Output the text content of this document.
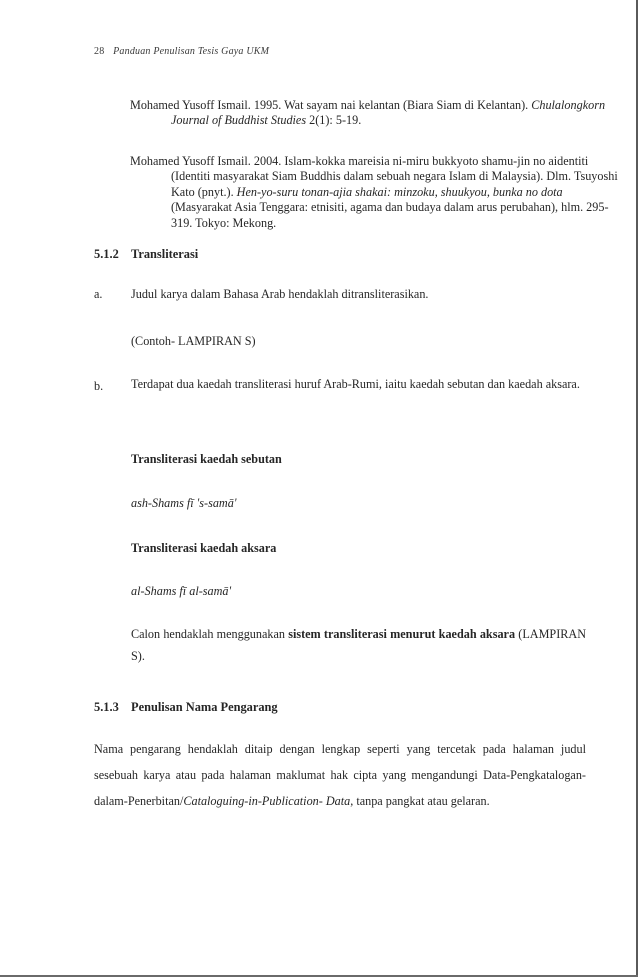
28 Panduan Penulisan Tesis Gaya UKM
Mohamed Yusoff Ismail. 1995. Wat sayam nai kelantan (Biara Siam di Kelantan). Chulalongkorn Journal of Buddhist Studies 2(1): 5-19.
Mohamed Yusoff Ismail. 2004. Islam-kokka mareisia ni-miru bukkyoto shamu-jin no aidentiti (Identiti masyarakat Siam Buddhis dalam sebuah negara Islam di Malaysia). Dlm. Tsuyoshi Kato (pnyt.). Hen-yo-suru tonan-ajia shakai: minzoku, shuukyou, bunka no dota (Masyarakat Asia Tenggara: etnisiti, agama dan budaya dalam arus perubahan), hlm. 295-319. Tokyo: Mekong.
5.1.2 Transliterasi
a. Judul karya dalam Bahasa Arab hendaklah ditransliterasikan.
(Contoh- LAMPIRAN S)
b. Terdapat dua kaedah transliterasi huruf Arab-Rumi, iaitu kaedah sebutan dan kaedah aksara.
Transliterasi kaedah sebutan
ash-Shams fī 's-samā'
Transliterasi kaedah aksara
al-Shams fī al-samā'
Calon hendaklah menggunakan sistem transliterasi menurut kaedah aksara (LAMPIRAN S).
5.1.3 Penulisan Nama Pengarang
Nama pengarang hendaklah ditaip dengan lengkap seperti yang tercetak pada halaman judul sesebuah karya atau pada halaman maklumat hak cipta yang mengandungi Data-Pengkatalogan-dalam-Penerbitan/Cataloguing-in-Publication- Data, tanpa pangkat atau gelaran.
